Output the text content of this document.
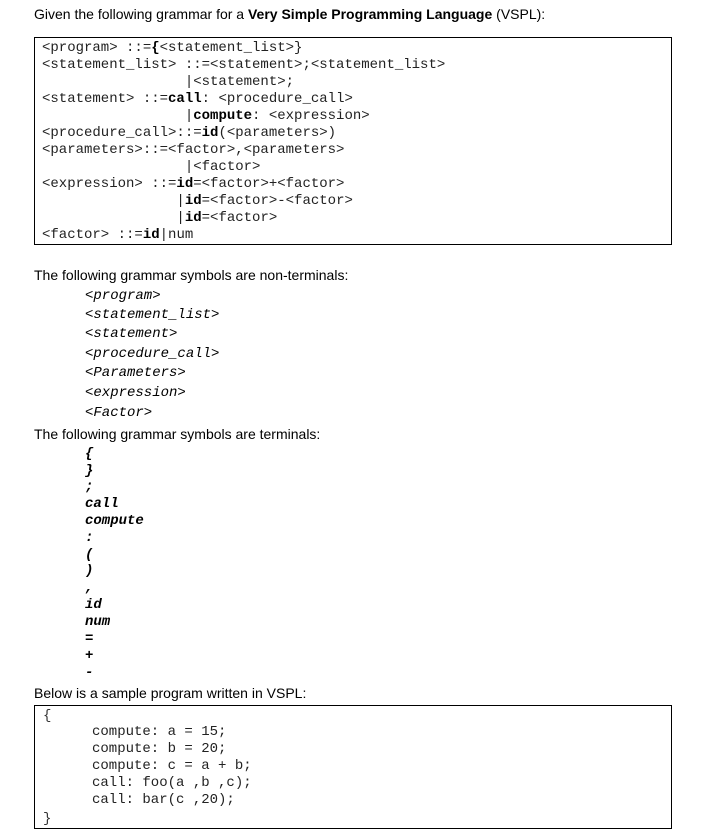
Given the following grammar for a Very Simple Programming Language (VSPL):
<program> ::={<statement_list>}
<statement_list> ::=<statement>;<statement_list>
|<statement>;
<statement> ::=call: <procedure_call>
|compute: <expression>
<procedure_call>::=id(<parameters>)
<parameters>::=<factor>,<parameters>
|<factor>
<expression> ::=id=<factor>+<factor>
|id=<factor>-<factor>
|id=<factor>
<factor> ::=id|num
The following grammar symbols are non-terminals:
<program>
<statement_list>
<statement>
<procedure_call>
<Parameters>
<expression>
<Factor>
The following grammar symbols are terminals:
{
}
;
call
compute
:
(
)
,
id
num
=
+
-
Below is a sample program written in VSPL:
{
compute: a = 15;
compute: b = 20;
compute: c = a + b;
call: foo(a ,b ,c);
call: bar(c ,20);
}
